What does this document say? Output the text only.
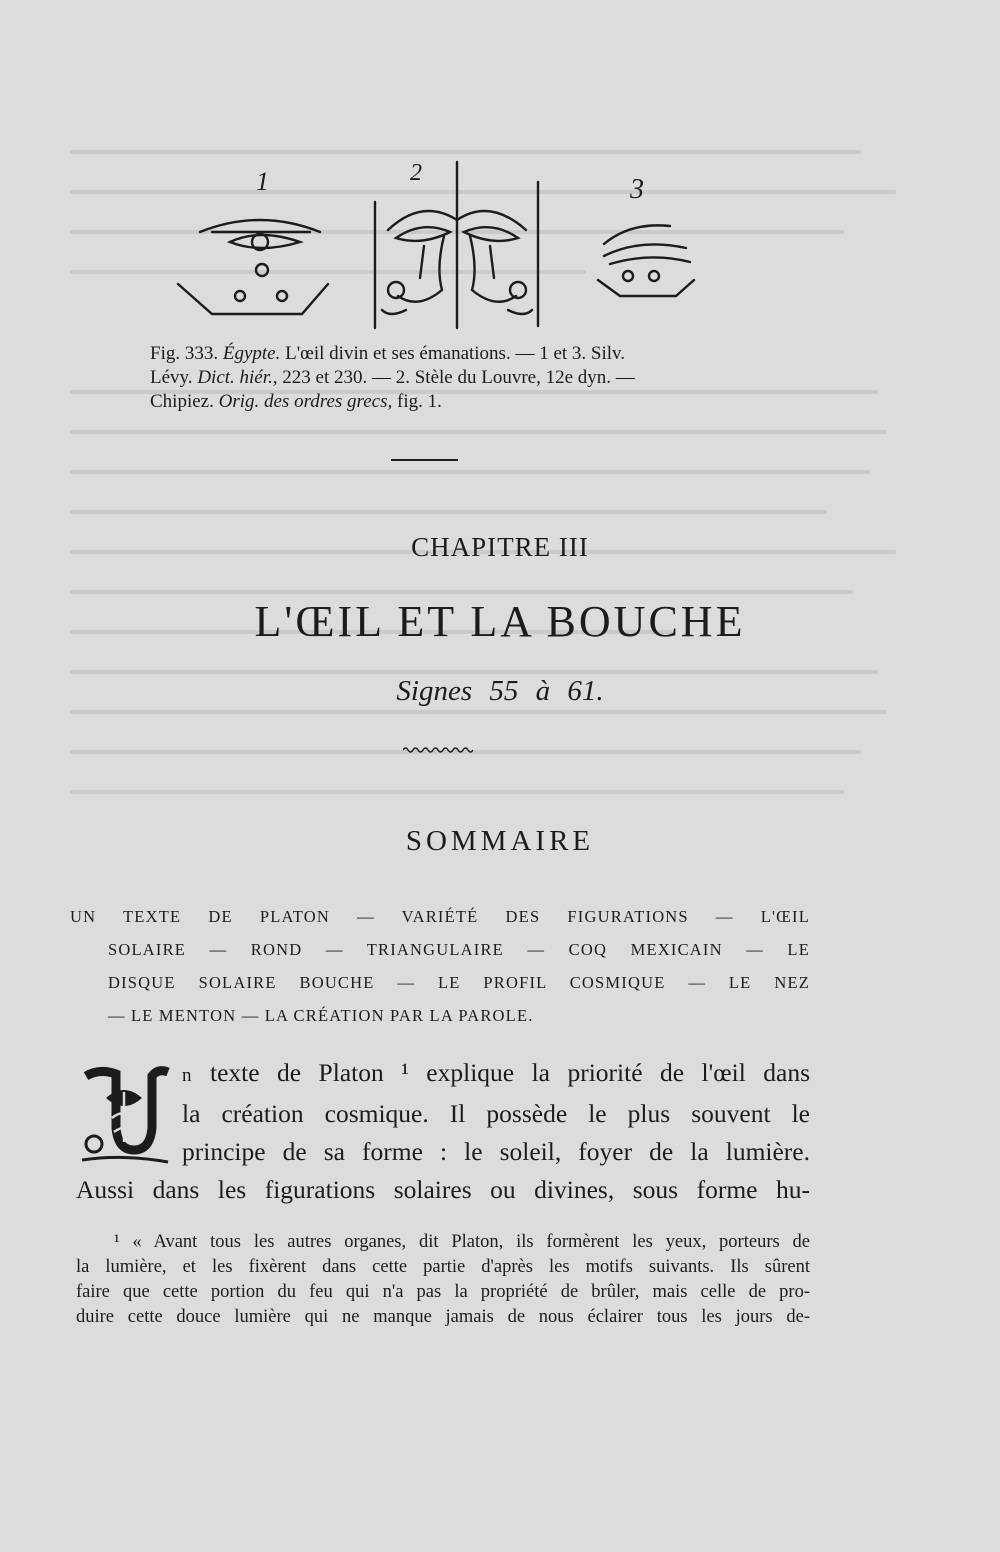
1	2
3
Fig. 333. Égypte. L'œil divin et ses émanations. — 1 et 3. Silv.
Lévy. Dict. hiér., 223 et 230. — 2. Stèle du Louvre, 12e dyn. —
Chipiez. Orig. des ordres grecs, fig. 1.
CHAPITRE III
L'ŒIL ET LA BOUCHE
Signes 55 à 61.
SOMMAIRE
UN TEXTE DE PLATON — VARIÉTÉ DES FIGURATIONS — L'ŒIL
SOLAIRE — ROND — TRIANGULAIRE — COQ MEXICAIN — LE
DISQUE SOLAIRE BOUCHE — LE PROFIL COSMIQUE — LE NEZ
— LE MENTON — LA CRÉATION PAR LA PAROLE.
U
n texte de Platon ¹ explique la priorité de l'œil dans
la création cosmique. Il possède le plus souvent le
principe de sa forme : le soleil, foyer de la lumière.
Aussi dans les figurations solaires ou divines, sous forme hu-
¹ « Avant tous les autres organes, dit Platon, ils formèrent les yeux, porteurs de
la lumière, et les fixèrent dans cette partie d'après les motifs suivants. Ils sûrent
faire que cette portion du feu qui n'a pas la propriété de brûler, mais celle de pro-
duire cette douce lumière qui ne manque jamais de nous éclairer tous les jours de-
